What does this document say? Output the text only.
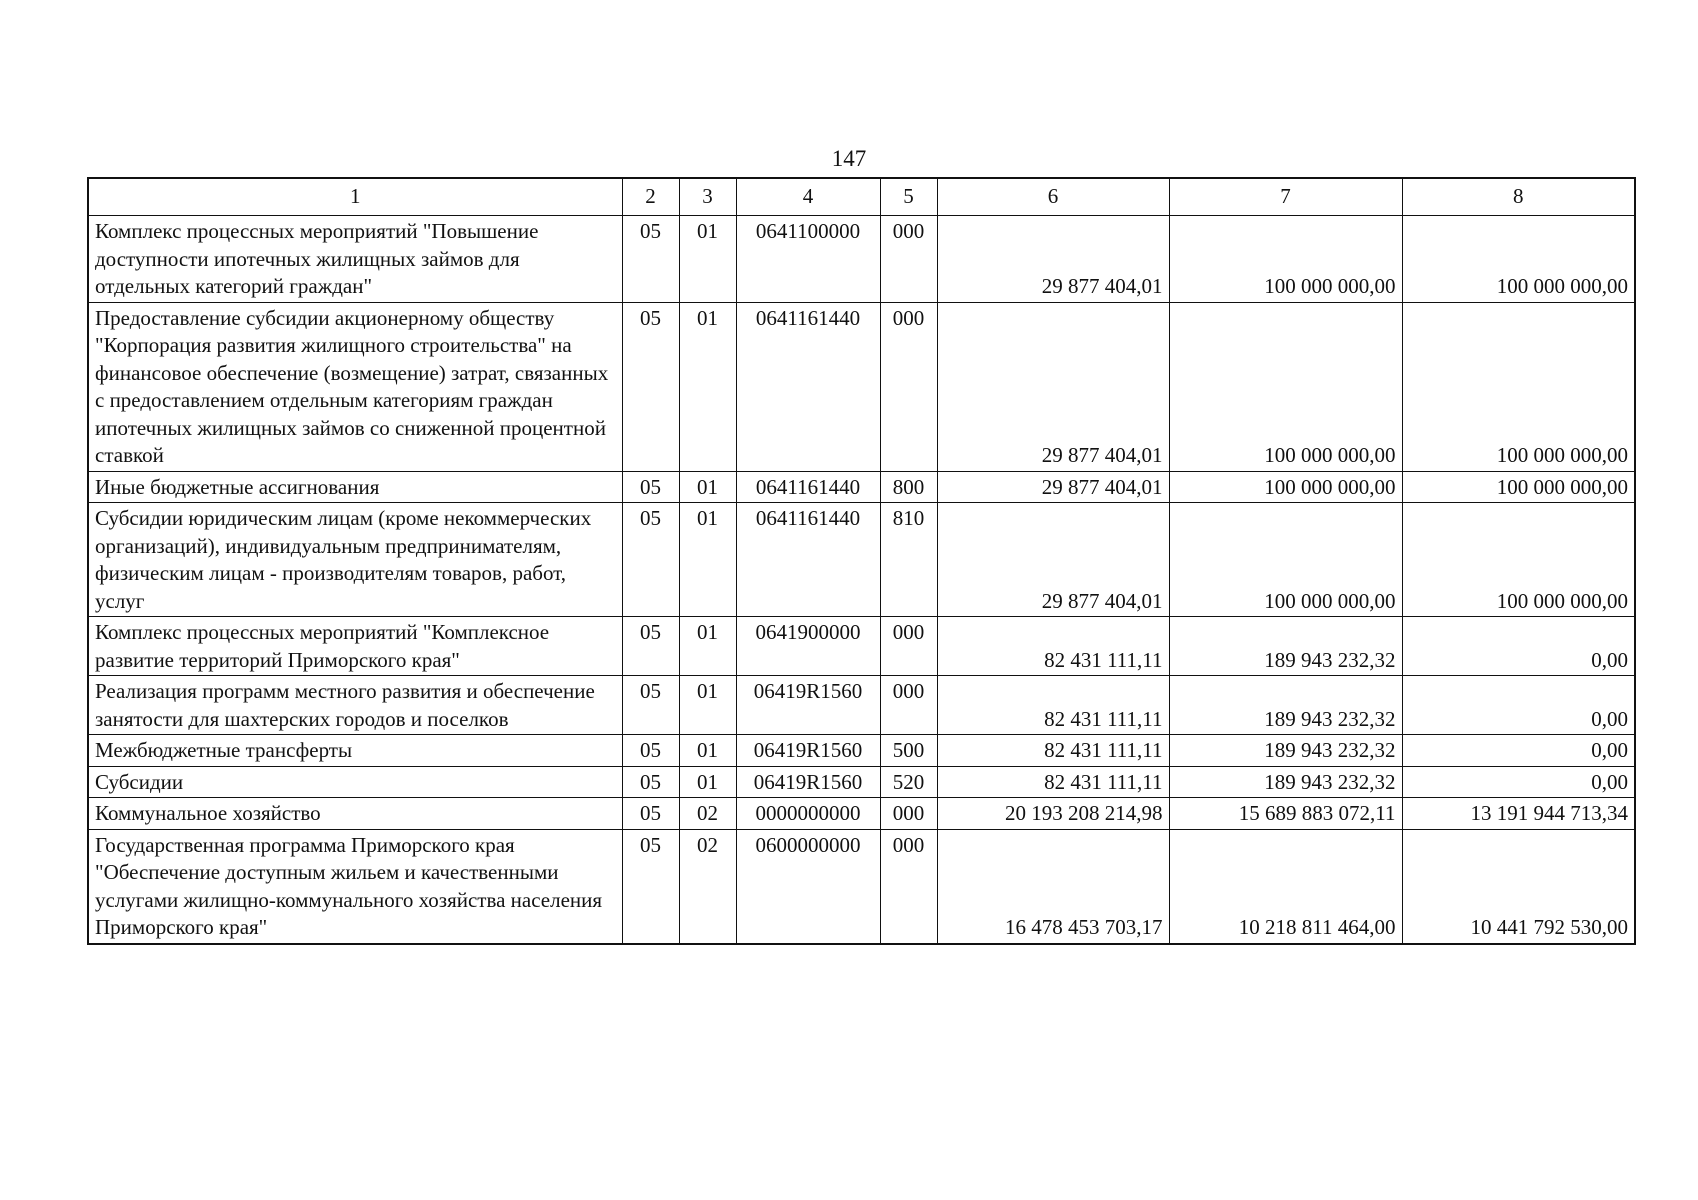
147
1	2	3	4	5	6	7	8
Комплекс процессных мероприятий "Повышение доступности ипотечных жилищных займов для отдельных категорий граждан"	05	01	0641100000	000	29 877 404,01	100 000 000,00	100 000 000,00
Предоставление субсидии акционерному обществу "Корпорация развития жилищного строительства" на финансовое обеспечение (возмещение) затрат, связанных с предоставлением отдельным категориям граждан ипотечных жилищных займов со сниженной процентной ставкой	05	01	0641161440	000	29 877 404,01	100 000 000,00	100 000 000,00
Иные бюджетные ассигнования	05	01	0641161440	800	29 877 404,01	100 000 000,00	100 000 000,00
Субсидии юридическим лицам (кроме некоммерческих организаций), индивидуальным предпринимателям, физическим лицам - производителям товаров, работ, услуг	05	01	0641161440	810	29 877 404,01	100 000 000,00	100 000 000,00
Комплекс процессных мероприятий "Комплексное развитие территорий Приморского края"	05	01	0641900000	000	82 431 111,11	189 943 232,32	0,00
Реализация программ местного развития и обеспечение занятости для шахтерских городов и поселков	05	01	06419R1560	000	82 431 111,11	189 943 232,32	0,00
Межбюджетные трансферты	05	01	06419R1560	500	82 431 111,11	189 943 232,32	0,00
Субсидии	05	01	06419R1560	520	82 431 111,11	189 943 232,32	0,00
Коммунальное хозяйство	05	02	0000000000	000	20 193 208 214,98	15 689 883 072,11	13 191 944 713,34
Государственная программа Приморского края "Обеспечение доступным жильем и качественными услугами жилищно-коммунального хозяйства населения Приморского края"	05	02	0600000000	000	16 478 453 703,17	10 218 811 464,00	10 441 792 530,00
